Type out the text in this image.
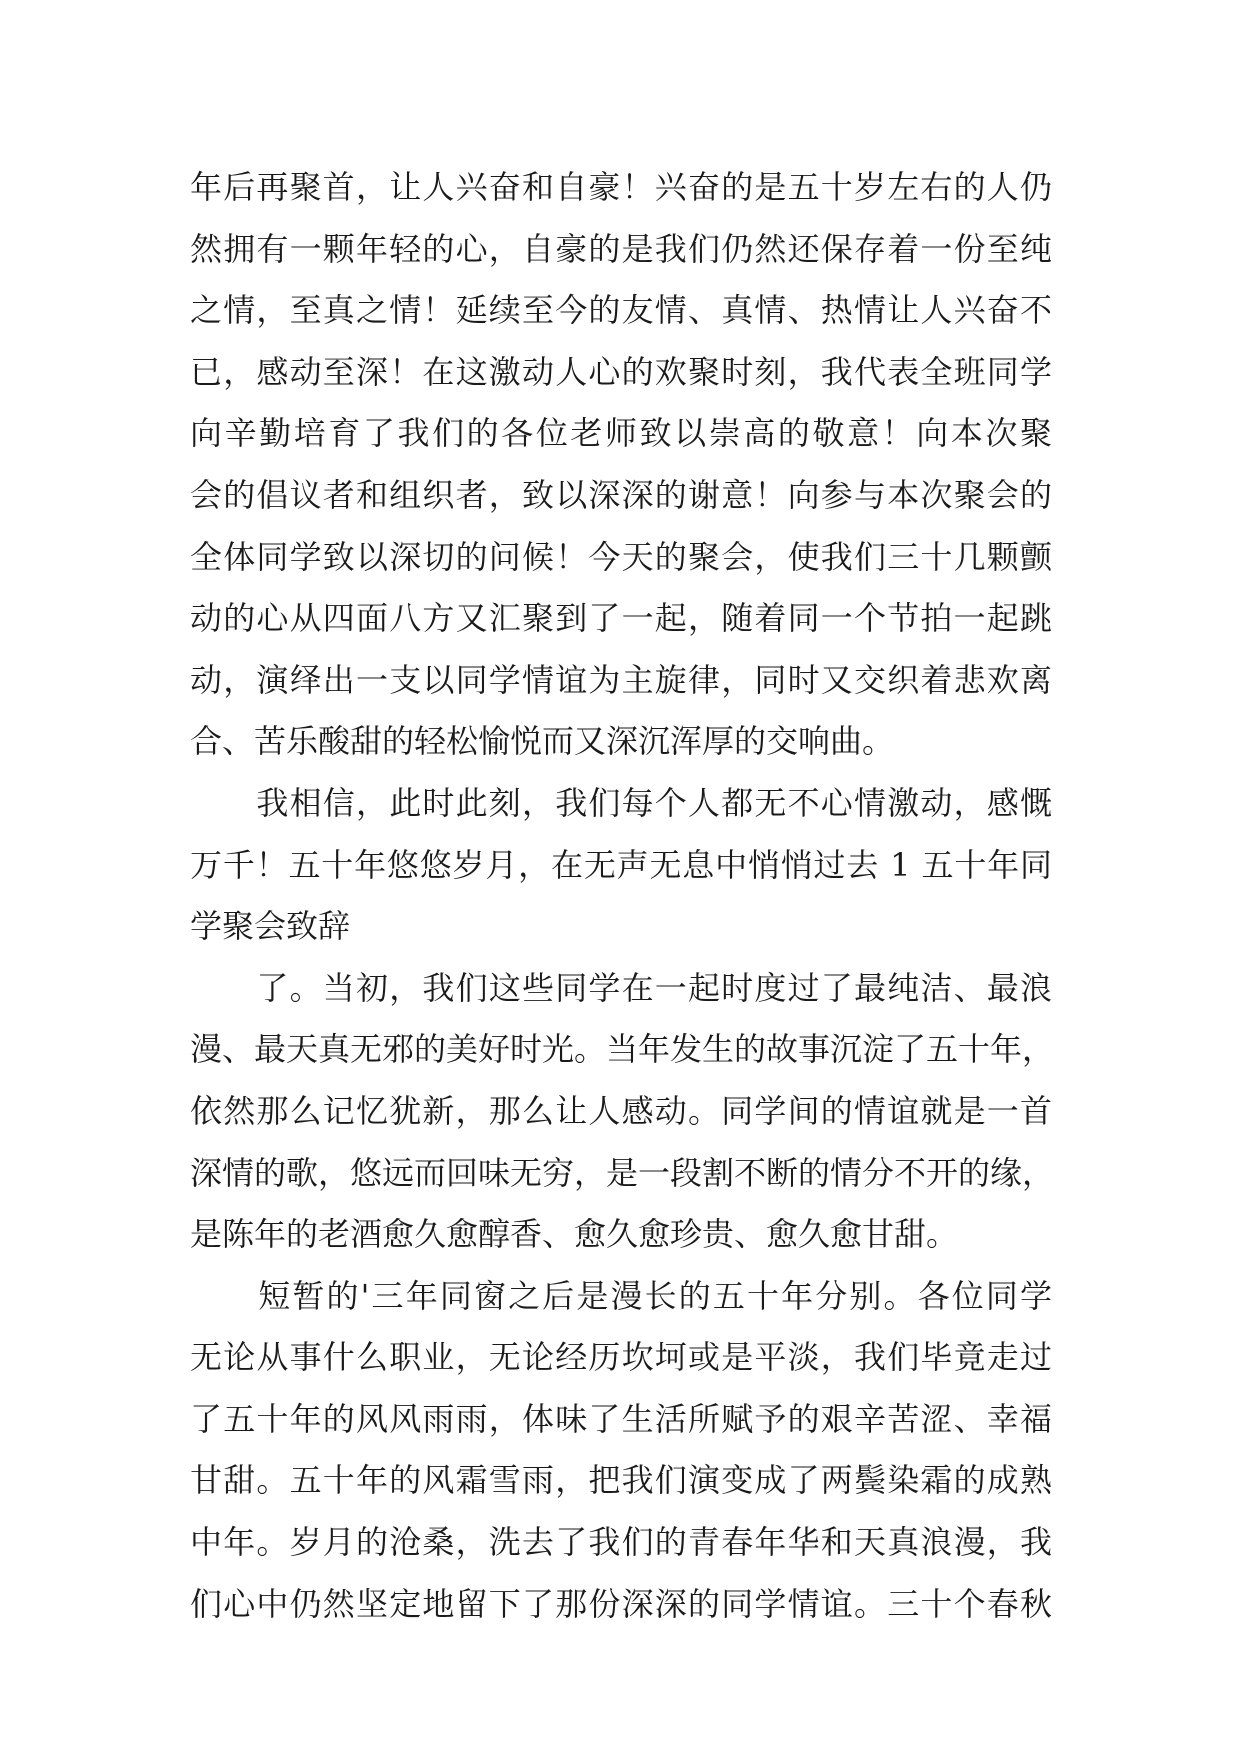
年后再聚首，让人兴奋和自豪！兴奋的是五十岁左右的人仍
然拥有一颗年轻的心，自豪的是我们仍然还保存着一份至纯
之情，至真之情！延续至今的友情、真情、热情让人兴奋不
已，感动至深！在这激动人心的欢聚时刻，我代表全班同学
向辛勤培育了我们的各位老师致以崇高的敬意！向本次聚
会的倡议者和组织者，致以深深的谢意！向参与本次聚会的
全体同学致以深切的问候！今天的聚会，使我们三十几颗颤
动的心从四面八方又汇聚到了一起，随着同一个节拍一起跳
动，演绎出一支以同学情谊为主旋律，同时又交织着悲欢离
合、苦乐酸甜的轻松愉悦而又深沉浑厚的交响曲。
　　我相信，此时此刻，我们每个人都无不心情激动，感慨
万千！五十年悠悠岁月，在无声无息中悄悄过去 1 五十年同
学聚会致辞
　　了。当初，我们这些同学在一起时度过了最纯洁、最浪
漫、最天真无邪的美好时光。当年发生的故事沉淀了五十年，
依然那么记忆犹新，那么让人感动。同学间的情谊就是一首
深情的歌，悠远而回味无穷，是一段割不断的情分不开的缘，
是陈年的老酒愈久愈醇香、愈久愈珍贵、愈久愈甘甜。
　　短暂的'三年同窗之后是漫长的五十年分别。各位同学
无论从事什么职业，无论经历坎坷或是平淡，我们毕竟走过
了五十年的风风雨雨，体味了生活所赋予的艰辛苦涩、幸福
甘甜。五十年的风霜雪雨，把我们演变成了两鬓染霜的成熟
中年。岁月的沧桑，洗去了我们的青春年华和天真浪漫，我
们心中仍然坚定地留下了那份深深的同学情谊。三十个春秋
